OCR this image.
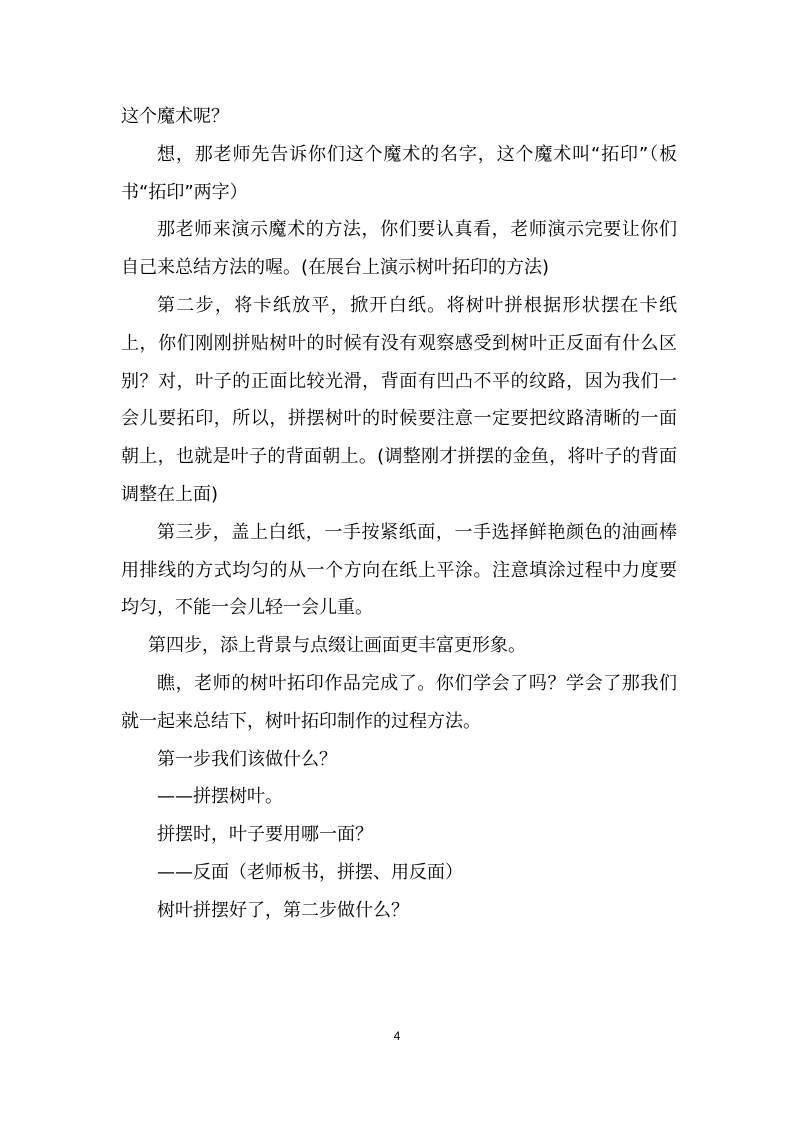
这个魔术呢？

想，那老师先告诉你们这个魔术的名字，这个魔术叫“拓印”（板书“拓印”两字）

那老师来演示魔术的方法，你们要认真看，老师演示完要让你们自己来总结方法的喔。(在展台上演示树叶拓印的方法)

第二步，将卡纸放平，掀开白纸。将树叶拼根据形状摆在卡纸上，你们刚刚拼贴树叶的时候有没有观察感受到树叶正反面有什么区别？对，叶子的正面比较光滑，背面有凹凸不平的纹路，因为我们一会儿要拓印，所以，拼摆树叶的时候要注意一定要把纹路清晰的一面朝上，也就是叶子的背面朝上。(调整刚才拼摆的金鱼，将叶子的背面调整在上面)

第三步，盖上白纸，一手按紧纸面，一手选择鲜艳颜色的油画棒用排线的方式均匀的从一个方向在纸上平涂。注意填涂过程中力度要均匀，不能一会儿轻一会儿重。

第四步，添上背景与点缀让画面更丰富更形象。

瞧，老师的树叶拓印作品完成了。你们学会了吗？学会了那我们就一起来总结下，树叶拓印制作的过程方法。

第一步我们该做什么？

——拼摆树叶。

拼摆时，叶子要用哪一面？

——反面（老师板书，拼摆、用反面）

树叶拼摆好了，第二步做什么？

4
